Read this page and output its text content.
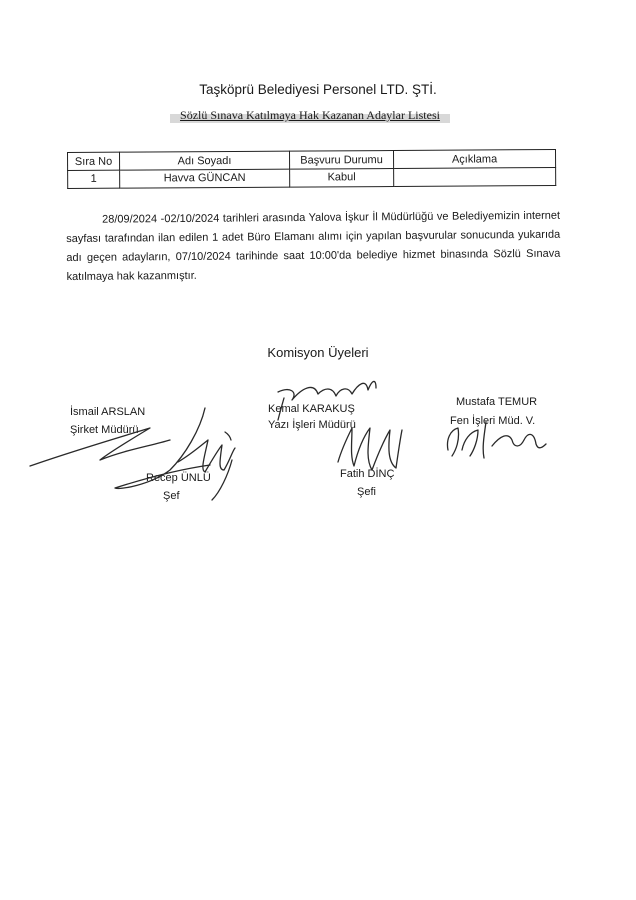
Taşköprü Belediyesi Personel LTD. ŞTİ.
Sözlü Sınava Katılmaya Hak Kazanan Adaylar Listesi
Sıra No	Adı Soyadı	Başvuru Durumu	Açıklama
1	Havva GÜNCAN	Kabul	
28/09/2024 -02/10/2024 tarihleri arasında Yalova İşkur İl Müdürlüğü ve Belediyemizin internet sayfası tarafından ilan edilen 1 adet Büro Elamanı alımı için yapılan başvurular sonucunda yukarıda adı geçen adayların, 07/10/2024 tarihinde saat 10:00'da belediye hizmet binasında Sözlü Sınava katılmaya hak kazanmıştır.
Komisyon Üyeleri
İsmail ARSLAN
Şirket Müdürü
Kemal KARAKUŞ
Yazı İşleri Müdürü
Mustafa TEMUR
Fen İşleri Müd. V.
Recep ÜNLÜ
Şef
Fatih DİNÇ
Şefi
